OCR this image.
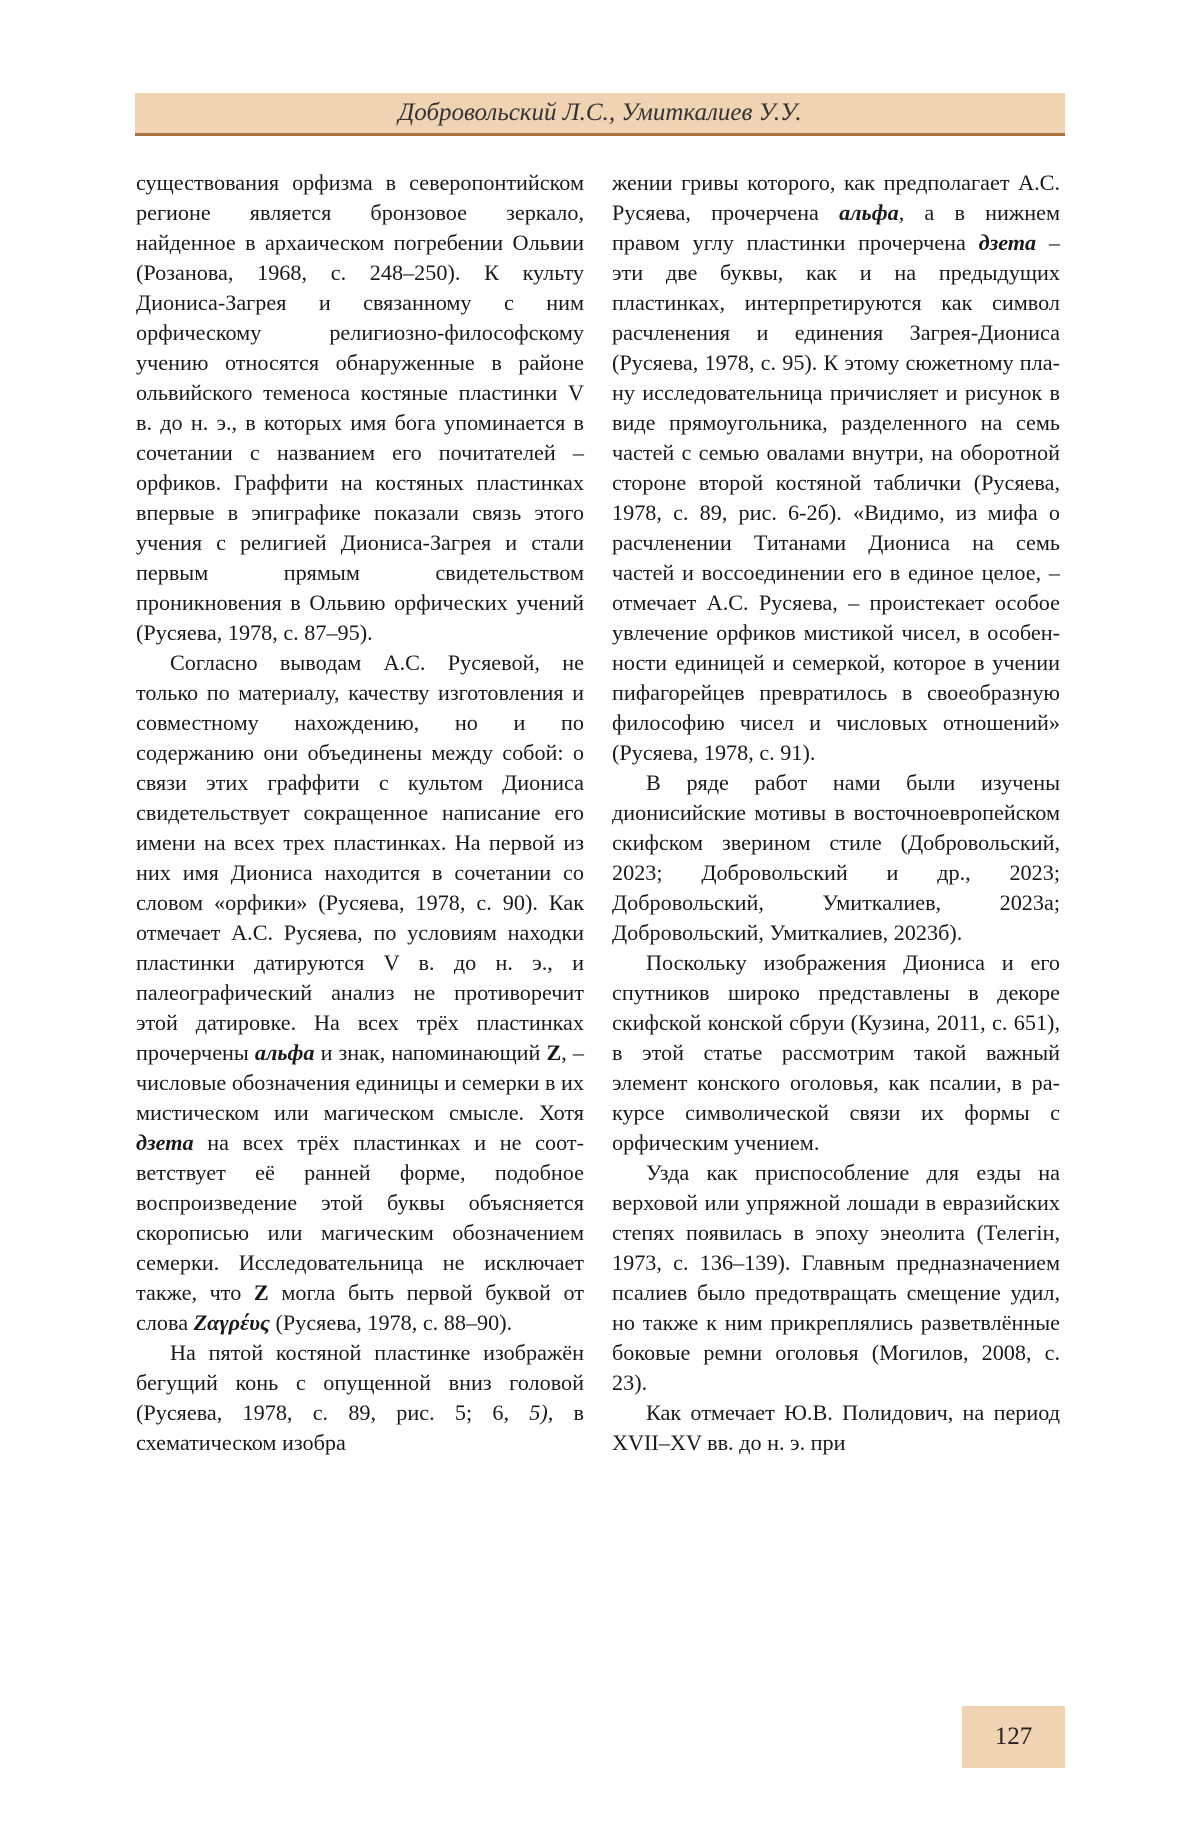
Добровольский Л.С., Умиткалиев У.У.

существования орфизма в северопонтийском регионе является бронзовое зеркало, найденное в архаическом погребении Ольвии (Розанова, 1968, с. 248–250). К культу Диониса-Загрея и связанному с ним орфическому религиозно-философскому учению относятся обнаруженные в районе ольвийского теменоса костяные пластинки V в. до н. э., в которых имя бога упоминается в сочетании с названием его почитателей – орфиков. Граффити на костяных пластинках впервые в эпиграфике показали связь этого учения с религией Диониса-Загрея и стали первым прямым свидетельством проникновения в Ольвию орфических учений (Русяева, 1978, с. 87–95).

Согласно выводам А.С. Русяевой, не только по материалу, качеству изготовления и совместному нахождению, но и по содержанию они объединены между собой: о связи этих граффити с культом Диониса свидетельствует сокращенное написание его имени на всех трех пластинках. На первой из них имя Диониса находится в сочетании со словом «орфики» (Русяева, 1978, с. 90). Как отмечает А.С. Русяева, по условиям находки пластинки датируются V в. до н. э., и палеографический анализ не противоречит этой датировке. На всех трёх пластинках прочерчены альфа и знак, напоминающий Z, – числовые обозначения единицы и семерки в их мистическом или магическом смысле. Хотя дзета на всех трёх пластинках и не соответствует её ранней форме, подобное воспроизведение этой буквы объясняется скорописью или магическим обозначением семерки. Исследовательница не исключает также, что Z могла быть первой буквой от слова Ζαγρέυς (Русяева, 1978, с. 88–90).

На пятой костяной пластинке изображён бегущий конь с опущенной вниз головой (Русяева, 1978, с. 89, рис. 5; 6, 5), в схематическом изобра

жении гривы которого, как предполагает А.С. Русяева, прочерчена альфа, а в нижнем правом углу пластинки прочерчена дзета – эти две буквы, как и на предыдущих пластинках, интерпретируются как символ расчленения и единения Загрея-Диониса (Русяева, 1978, с. 95). К этому сюжетному плану исследовательница причисляет и рисунок в виде прямоугольника, разделенного на семь частей с семью овалами внутри, на оборотной стороне второй костяной таблички (Русяева, 1978, с. 89, рис. 6-2б). «Видимо, из мифа о расчленении Титанами Диониса на семь частей и воссоединении его в единое целое, – отмечает А.С. Русяева, – проистекает особое увлечение орфиков мистикой чисел, в особенности единицей и семеркой, которое в учении пифагорейцев превратилось в своеобразную философию чисел и числовых отношений» (Русяева, 1978, с. 91).

В ряде работ нами были изучены дионисийские мотивы в восточноевропейском скифском зверином стиле (Добровольский, 2023; Добровольский и др., 2023; Добровольский, Умиткалиев, 2023а; Добровольский, Умиткалиев, 2023б).

Поскольку изображения Диониса и его спутников широко представлены в декоре скифской конской сбруи (Кузина, 2011, с. 651), в этой статье рассмотрим такой важный элемент конского оголовья, как псалии, в ракурсе символической связи их формы с орфическим учением.

Узда как приспособление для езды на верховой или упряжной лошади в евразийских степях появилась в эпоху энеолита (Телегін, 1973, с. 136–139). Главным предназначением псалиев было предотвращать смещение удил, но также к ним прикреплялись разветвлённые боковые ремни оголовья (Могилов, 2008, с. 23).

Как отмечает Ю.В. Полидович, на период XVII–XV вв. до н. э. при

127
